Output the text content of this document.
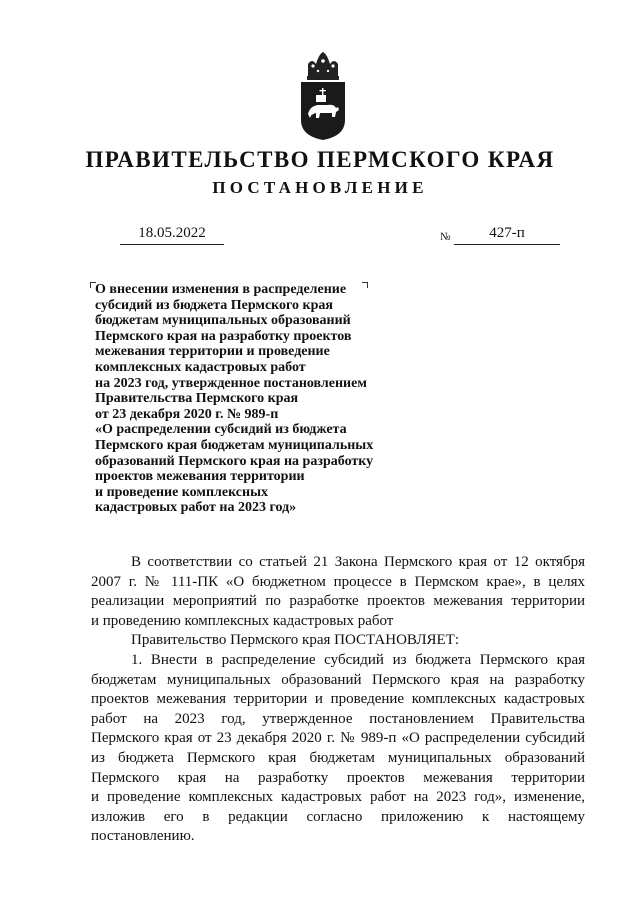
ПРАВИТЕЛЬСТВО ПЕРМСКОГО КРАЯ
ПОСТАНОВЛЕНИЕ
18.05.2022	№	427-п
О внесении изменения в распределение
субсидий из бюджета Пермского края
бюджетам муниципальных образований
Пермского края на разработку проектов
межевания территории и проведение
комплексных кадастровых работ
на 2023 год, утвержденное постановлением
Правительства Пермского края
от 23 декабря 2020 г. № 989-п
«О распределении субсидий из бюджета
Пермского края бюджетам муниципальных
образований Пермского края на разработку
проектов межевания территории
и проведение комплексных
кадастровых работ на 2023 год»

В соответствии со статьей 21 Закона Пермского края от 12 октября

2007 г. № 111-ПК «О бюджетном процессе в Пермском крае», в целях

реализации мероприятий по разработке проектов межевания территории

и проведению комплексных кадастровых работ

Правительство Пермского края ПОСТАНОВЛЯЕТ:

1. Внести в распределение субсидий из бюджета Пермского края

бюджетам муниципальных образований Пермского края на разработку

проектов межевания территории и проведение комплексных кадастровых

работ на 2023 год, утвержденное постановлением Правительства

Пермского края от 23 декабря 2020 г. № 989-п «О распределении субсидий

из бюджета Пермского края бюджетам муниципальных образований

Пермского края на разработку проектов межевания территории

и проведение комплексных кадастровых работ на 2023 год», изменение,

изложив его в редакции согласно приложению к настоящему

постановлению.
